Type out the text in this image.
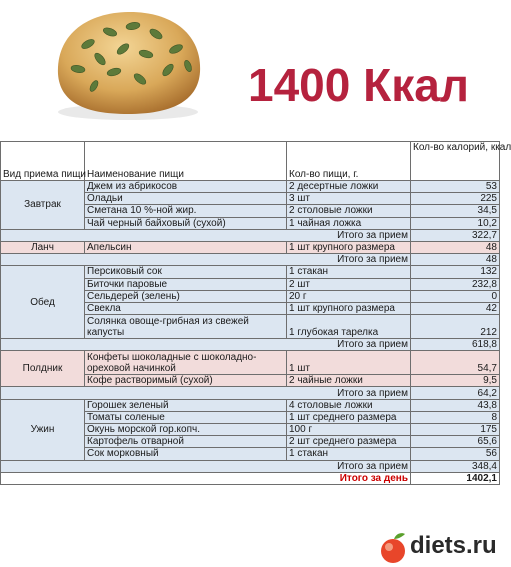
1400 Ккал
Вид приема пищи	Наименование пищи	Кол-во пищи, г.	Кол-во калорий, ккал
Завтрак	Джем из абрикосов	2 десертные ложки	53
	Оладьи	3 шт	225
	Сметана 10 %-ной жир.	2 столовые ложки	34,5
	Чай черный байховый (сухой)	1 чайная ложка	10,2
Итого за прием			322,7
Ланч	Апельсин	1 шт крупного размера	48
Итого за прием			48
Обед	Персиковый сок	1 стакан	132
	Биточки паровые	2 шт	232,8
	Сельдерей (зелень)	20 г	0
	Свекла	1 шт крупного размера	42
	Солянка овоще-грибная из свежей капусты	1 глубокая тарелка	212
Итого за прием			618,8
Полдник	Конфеты шоколадные с шоколадно-ореховой начинкой	1 шт	54,7
	Кофе растворимый (сухой)	2 чайные ложки	9,5
Итого за прием			64,2
Ужин	Горошек зеленый	4 столовые ложки	43,8
	Томаты соленые	1 шт среднего размера	8
	Окунь морской гор.копч.	100 г	175
	Картофель отварной	2 шт среднего размера	65,6
	Сок морковный	1 стакан	56
Итого за прием			348,4
Итого за день			1402,1
diets.ru
